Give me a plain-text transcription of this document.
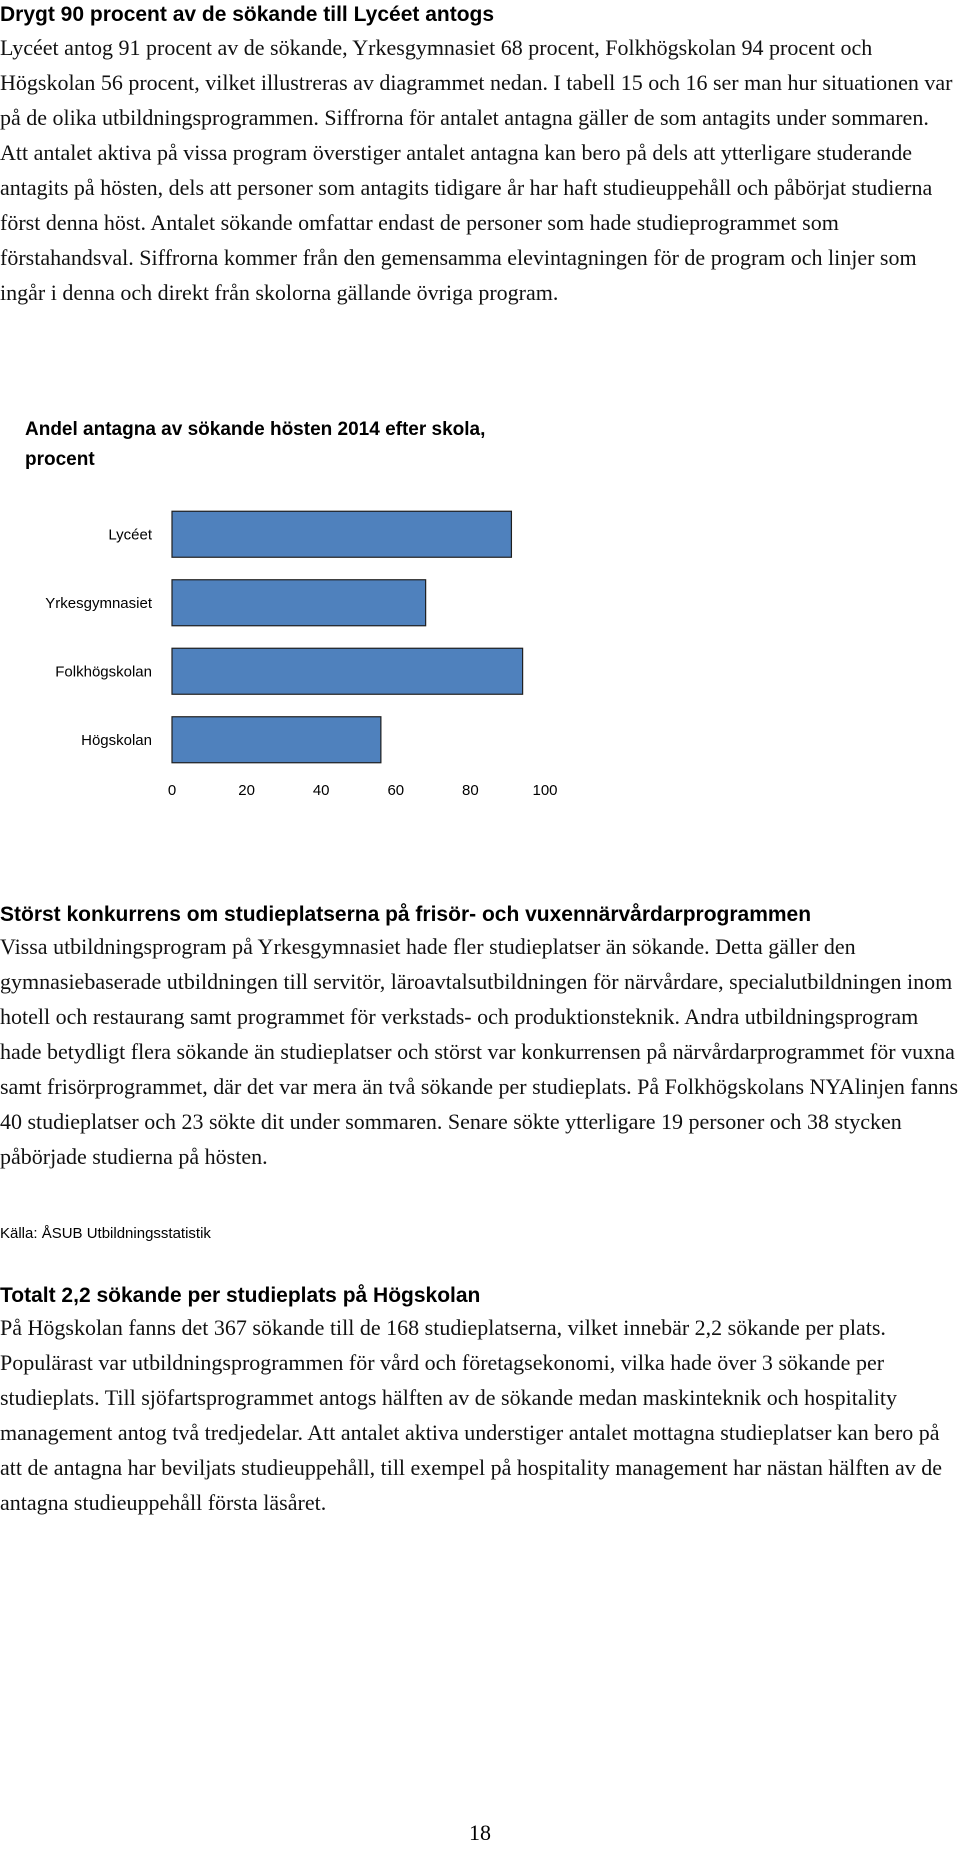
Drygt 90 procent av de sökande till Lycéet antogs

Lycéet antog 91 procent av de sökande, Yrkesgymnasiet 68 procent, Folkhögskolan 94 procent och Högskolan 56 procent, vilket illustreras av diagrammet nedan. I tabell 15 och 16 ser man hur situationen var på de olika utbildningsprogrammen. Siffrorna för antalet antagna gäller de som antagits under sommaren. Att antalet aktiva på vissa program överstiger antalet antagna kan bero på dels att ytterligare studerande antagits på hösten, dels att personer som antagits tidigare år har haft studieuppehåll och påbörjat studierna först denna höst. Antalet sökande omfattar endast de personer som hade studieprogrammet som förstahandsval. Siffrorna kommer från den gemensamma elevintagningen för de program och linjer som ingår i denna och direkt från skolorna gällande övriga program.

Andel antagna av sökande hösten 2014 efter skola, procent
Lycéet
Yrkesgymnasiet
Folkhögskolan
Högskolan
0	20	40	60	80	100
Källa: ÅSUB Utbildningsstatistik
Störst konkurrens om studieplatserna på frisör- och vuxennärvårdarprogrammen

Vissa utbildningsprogram på Yrkesgymnasiet hade fler studieplatser än sökande. Detta gäller den gymnasiebaserade utbildningen till servitör, läroavtalsutbildningen för närvårdare, specialutbildningen inom hotell och restaurang samt programmet för verkstads- och produktionsteknik. Andra utbildningsprogram hade betydligt flera sökande än studieplatser och störst var konkurrensen på närvårdarprogrammet för vuxna samt frisörprogrammet, där det var mera än två sökande per studieplats. På Folkhögskolans NYAlinjen fanns 40 studieplatser och 23 sökte dit under sommaren. Senare sökte ytterligare 19 personer och 38 stycken påbörjade studierna på hösten.

Totalt 2,2 sökande per studieplats på Högskolan

På Högskolan fanns det 367 sökande till de 168 studieplatserna, vilket innebär 2,2 sökande per plats. Populärast var utbildningsprogrammen för vård och företagsekonomi, vilka hade över 3 sökande per studieplats. Till sjöfartsprogrammet antogs hälften av de sökande medan maskinteknik och hospitality management antog två tredjedelar. Att antalet aktiva understiger antalet mottagna studieplatser kan bero på att de antagna har beviljats studieuppehåll, till exempel på hospitality management har nästan hälften av de antagna studieuppehåll första läsåret.

18
